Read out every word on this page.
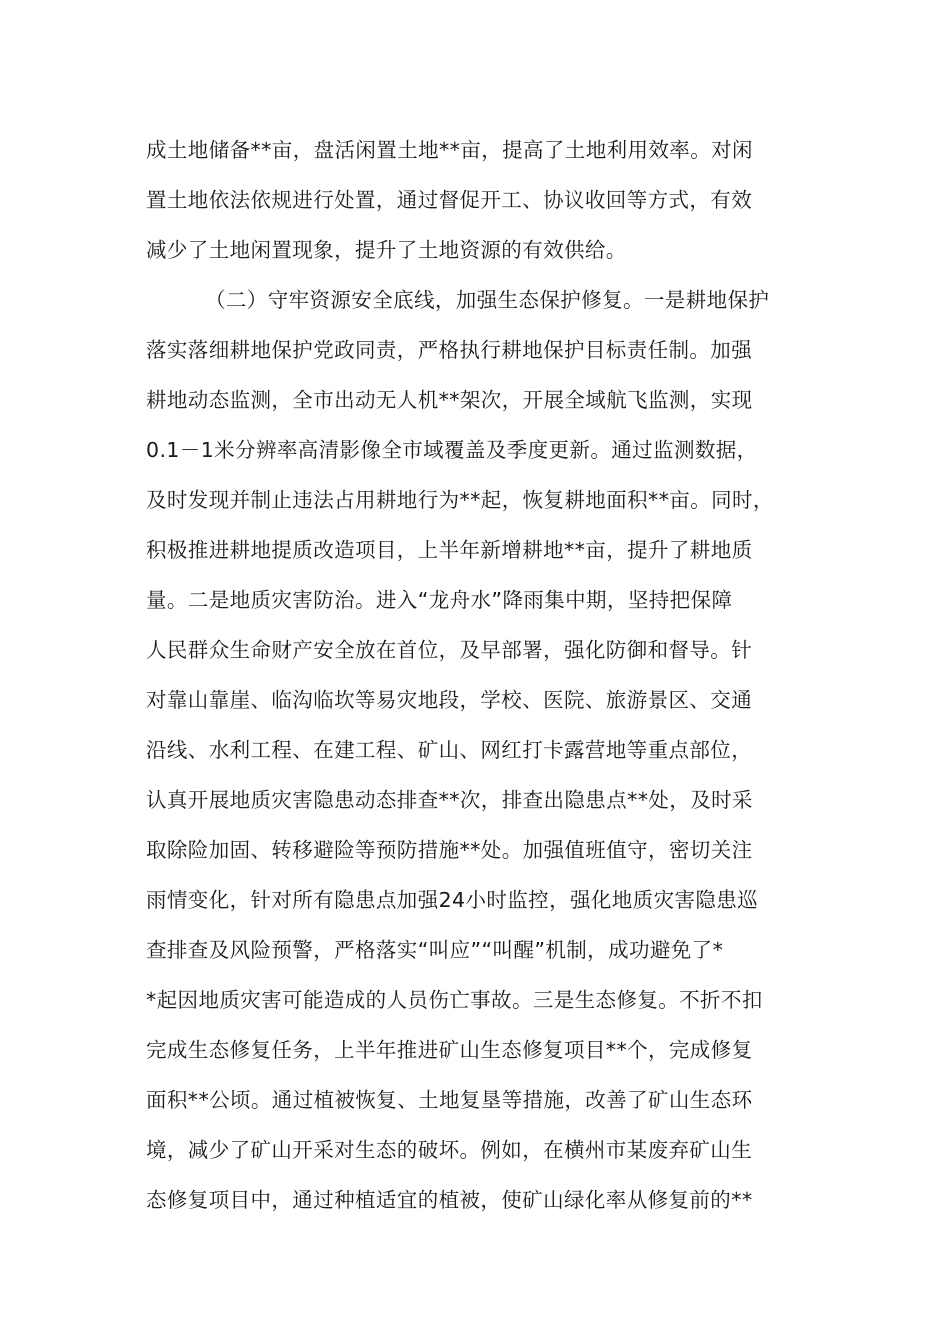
成土地储备**亩，盘活闲置土地**亩，提高了土地利用效率。对闲
置土地依法依规进行处置，通过督促开工、协议收回等方式，有效
减少了土地闲置现象，提升了土地资源的有效供给。
（二）守牢资源安全底线，加强生态保护修复。一是耕地保护
落实落细耕地保护党政同责，严格执行耕地保护目标责任制。加强
耕地动态监测，全市出动无人机**架次，开展全域航飞监测，实现
0.1－1米分辨率高清影像全市域覆盖及季度更新。通过监测数据，
及时发现并制止违法占用耕地行为**起，恢复耕地面积**亩。同时，
积极推进耕地提质改造项目，上半年新增耕地**亩，提升了耕地质
量。二是地质灾害防治。进入“龙舟水”降雨集中期，坚持把保障
人民群众生命财产安全放在首位，及早部署，强化防御和督导。针
对靠山靠崖、临沟临坎等易灾地段，学校、医院、旅游景区、交通
沿线、水利工程、在建工程、矿山、网红打卡露营地等重点部位，
认真开展地质灾害隐患动态排查**次，排查出隐患点**处，及时采
取除险加固、转移避险等预防措施**处。加强值班值守，密切关注
雨情变化，针对所有隐患点加强24小时监控，强化地质灾害隐患巡
查排查及风险预警，严格落实“叫应”“叫醒”机制，成功避免了*
*起因地质灾害可能造成的人员伤亡事故。三是生态修复。不折不扣
完成生态修复任务，上半年推进矿山生态修复项目**个，完成修复
面积**公顷。通过植被恢复、土地复垦等措施，改善了矿山生态环
境，减少了矿山开采对生态的破坏。例如，在横州市某废弃矿山生
态修复项目中，通过种植适宜的植被，使矿山绿化率从修复前的**
